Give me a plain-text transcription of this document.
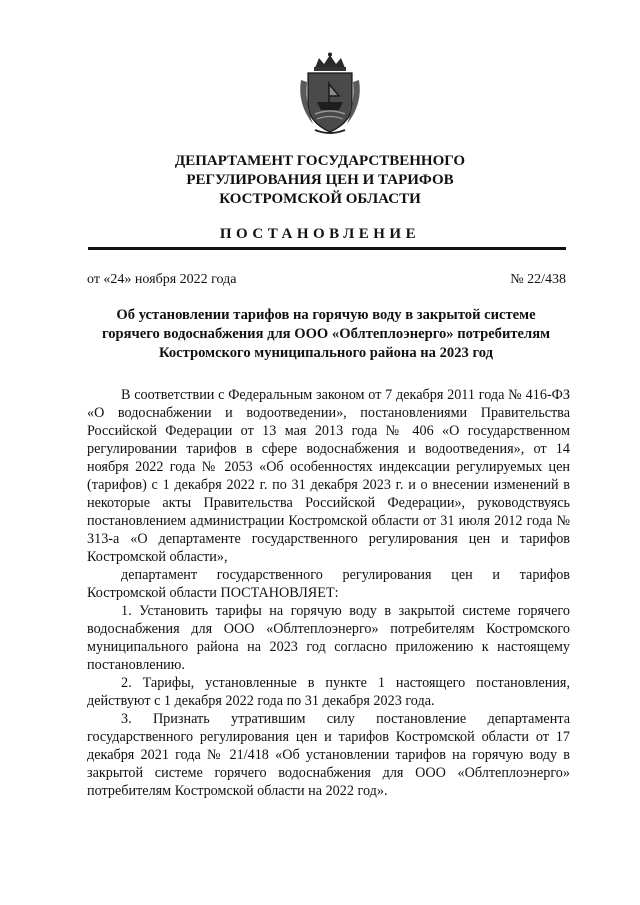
ДЕПАРТАМЕНТ ГОСУДАРСТВЕННОГО
РЕГУЛИРОВАНИЯ ЦЕН И ТАРИФОВ
КОСТРОМСКОЙ ОБЛАСТИ
ПОСТАНОВЛЕНИЕ
от «24» ноября 2022 года	№ 22/438
Об установлении тарифов на горячую воду в закрытой системе
горячего водоснабжения для ООО «Облтеплоэнерго» потребителям
Костромского муниципального района на 2023 год

В соответствии с Федеральным законом от 7 декабря 2011 года № 416-ФЗ «О водоснабжении и водоотведении», постановлениями Правительства Российской Федерации от 13 мая 2013 года № 406 «О государственном регулировании тарифов в сфере водоснабжения и водоотведения», от 14 ноября 2022 года № 2053 «Об особенностях индексации регулируемых цен (тарифов) с 1 декабря 2022 г. по 31 декабря 2023 г. и о внесении изменений в некоторые акты Правительства Российской Федерации», руководствуясь постановлением администрации Костромской области от 31 июля 2012 года № 313-а «О департаменте государственного регулирования цен и тарифов Костромской области»,

департамент государственного регулирования цен и тарифов Костромской области ПОСТАНОВЛЯЕТ:

1. Установить тарифы на горячую воду в закрытой системе горячего водоснабжения для ООО «Облтеплоэнерго» потребителям Костромского муниципального района на 2023 год согласно приложению к настоящему постановлению.

2. Тарифы, установленные в пункте 1 настоящего постановления, действуют с 1 декабря 2022 года по 31 декабря 2023 года.

3. Признать утратившим силу постановление департамента государственного регулирования цен и тарифов Костромской области от 17 декабря 2021 года № 21/418 «Об установлении тарифов на горячую воду в закрытой системе горячего водоснабжения для ООО «Облтеплоэнерго» потребителям Костромской области на 2022 год».
